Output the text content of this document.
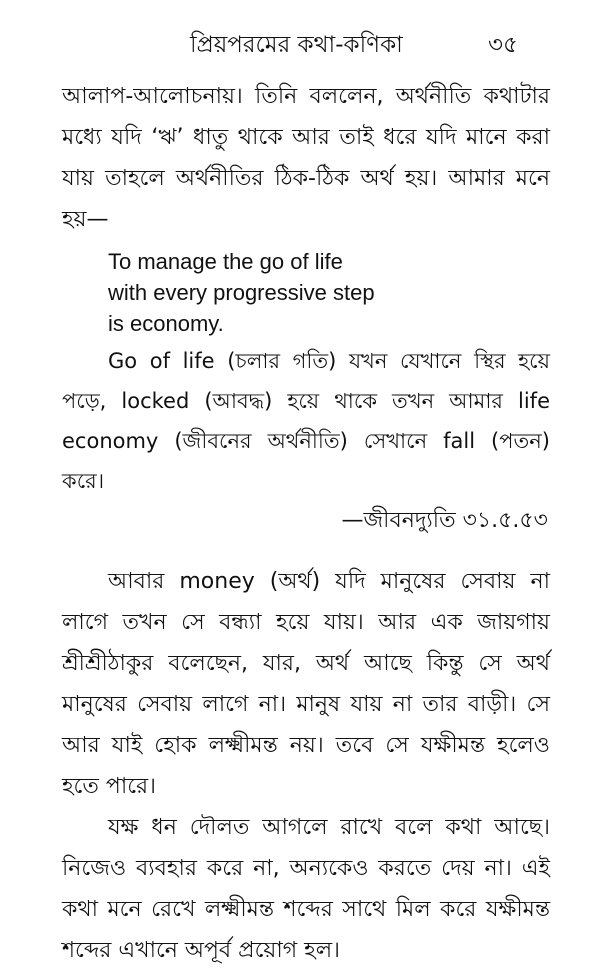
প্রিয়পরমের কথা-কণিকা	৩৫

আলাপ-আলোচনায়। তিনি বললেন, অর্থনীতি কথাটার মধ্যে যদি ‘ঋ’ ধাতু থাকে আর তাই ধরে যদি মানে করা যায় তাহলে অর্থনীতির ঠিক-ঠিক অর্থ হয়। আমার মনে হয়—

To manage the go of life
with every progressive step
is economy.

Go of life (চলার গতি) যখন যেখানে স্থির হয়ে পড়ে, locked (আবদ্ধ) হয়ে থাকে তখন আমার life economy (জীবনের অর্থনীতি) সেখানে fall (পতন) করে।

—জীবনদ্যুতি ৩১.৫.৫৩

আবার money (অর্থ) যদি মানুষের সেবায় না লাগে তখন সে বন্ধ্যা হয়ে যায়। আর এক জায়গায় শ্রীশ্রীঠাকুর বলেছেন, যার, অর্থ আছে কিন্তু সে অর্থ মানুষের সেবায় লাগে না। মানুষ যায় না তার বাড়ী। সে আর যাই হোক লক্ষ্মীমন্ত নয়। তবে সে যক্ষীমন্ত হলেও হতে পারে।

যক্ষ ধন দৌলত আগলে রাখে বলে কথা আছে। নিজেও ব্যবহার করে না, অন্যকেও করতে দেয় না। এই কথা মনে রেখে লক্ষ্মীমন্ত শব্দের সাথে মিল করে যক্ষীমন্ত শব্দের এখানে অপূর্ব প্রয়োগ হল।
